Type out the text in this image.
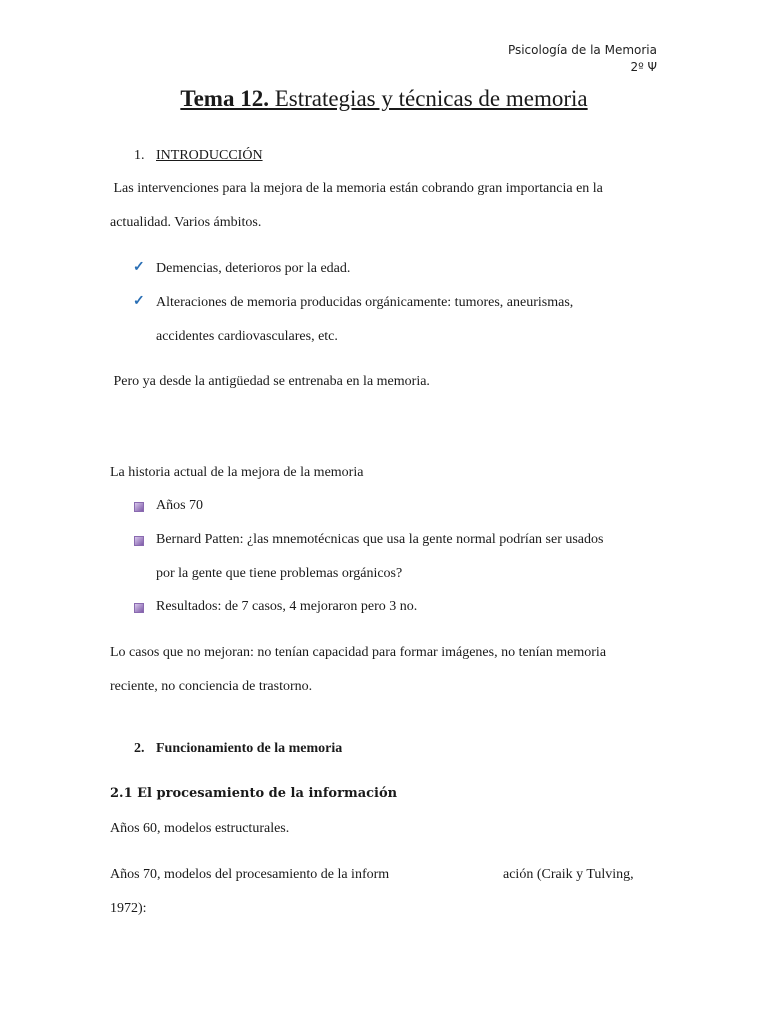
Psicología de la Memoria
2º Ψ
Tema 12. Estrategias y técnicas de memoria
1. INTRODUCCIÓN
Las intervenciones para la mejora de la memoria están cobrando gran importancia en la
actualidad. Varios ámbitos.
✓ Demencias, deterioros por la edad.
✓ Alteraciones de memoria producidas orgánicamente: tumores, aneurismas,
accidentes cardiovasculares, etc.
Pero ya desde la antigüedad se entrenaba en la memoria.
La historia actual de la mejora de la memoria
Años 70
Bernard Patten: ¿las mnemotécnicas que usa la gente normal podrían ser usados
por la gente que tiene problemas orgánicos?
Resultados: de 7 casos, 4 mejoraron pero 3 no.
Lo casos que no mejoran: no tenían capacidad para formar imágenes, no tenían memoria
reciente, no conciencia de trastorno.
2. Funcionamiento de la memoria
2.1 El procesamiento de la información
Años 60, modelos estructurales.
Años 70, modelos del procesamiento de la inform	ación (Craik y Tulving,
1972):
